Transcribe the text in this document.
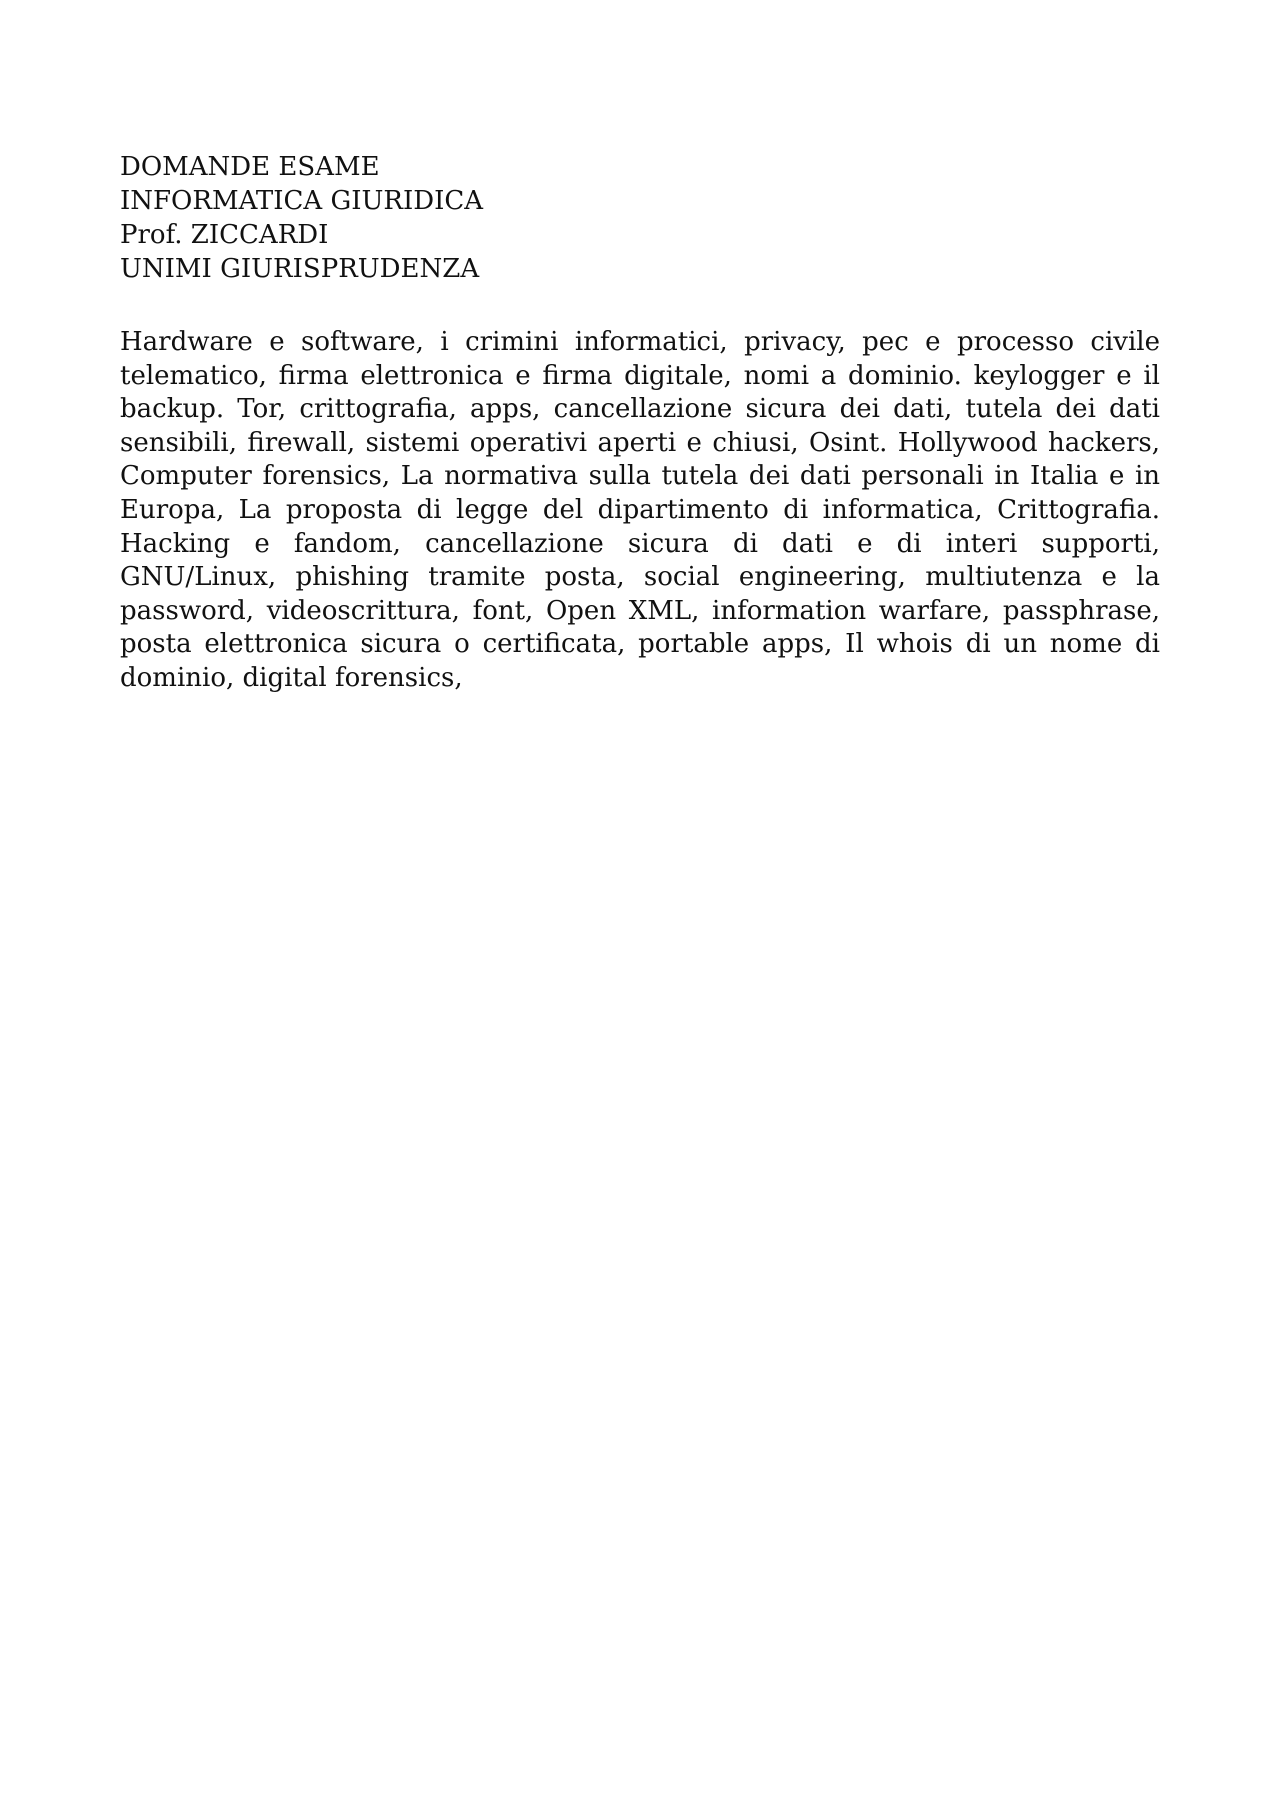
DOMANDE ESAME
INFORMATICA GIURIDICA
Prof. ZICCARDI
UNIMI GIURISPRUDENZA

Hardware e software, i crimini informatici, privacy, pec e processo civile telematico, firma elettronica e firma digitale, nomi a dominio. keylogger e il backup. Tor, crittografia, apps, cancellazione sicura dei dati, tutela dei dati sensibili, firewall, sistemi operativi aperti e chiusi, Osint. Hollywood hackers, Computer forensics, La normativa sulla tutela dei dati personali in Italia e in Europa, La proposta di legge del dipartimento di informatica, Crittografia. Hacking e fandom, cancellazione sicura di dati e di interi supporti, GNU/Linux, phishing tramite posta, social engineering, multiutenza e la password, videoscrittura, font, Open XML, information warfare, passphrase, posta elettronica sicura o certificata, portable apps, Il whois di un nome di dominio, digital forensics,
